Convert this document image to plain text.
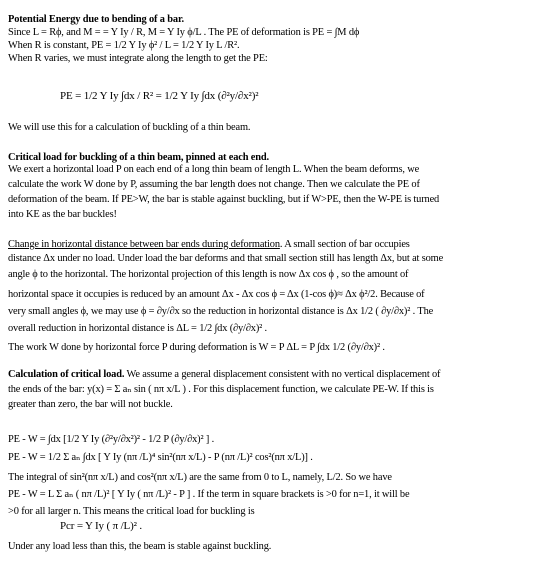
Potential Energy due to bending of a bar.
Since L = Rϕ, and M = = Y Iy / R, M = Y Iy ϕ/L . The PE of deformation is PE = ∫M dϕ
When R is constant, PE = 1/2 Y Iy ϕ² / L = 1/2 Y Iy L /R².
When R varies, we must integrate along the length to get the PE:
PE = 1/2 Y Iy ∫dx / R² = 1/2 Y Iy ∫dx (∂²y/∂x²)²
We will use this for a calculation of buckling of a thin beam.
Critical load for buckling of a thin beam, pinned at each end.
We exert a horizontal load P on each end of a long thin beam of length L. When the beam deforms, we
calculate the work W done by P, assuming the bar length does not change. Then we calculate the PE of
deformation of the beam. If PE>W, the bar is stable against buckling, but if W>PE, then the W-PE is turned
into KE as the bar buckles!
Change in horizontal distance between bar ends during deformation. A small section of bar occupies
distance Δx under no load. Under load the bar deforms and that small section still has length Δx, but at some
angle ϕ to the horizontal. The horizontal projection of this length is now Δx cos ϕ , so the amount of
horizontal space it occupies is reduced by an amount Δx - Δx cos ϕ = Δx (1-cos ϕ)≈ Δx ϕ²/2. Because of
very small angles ϕ, we may use ϕ = ∂y/∂x so the reduction in horizontal distance is Δx 1/2 ( ∂y/∂x)² . The
overall reduction in horizontal distance is ΔL = 1/2 ∫dx (∂y/∂x)² .
The work W done by horizontal force P during deformation is W = P ΔL = P ∫dx 1/2 (∂y/∂x)² .
Calculation of critical load. We assume a general displacement consistent with no vertical displacement of
the ends of the bar: y(x) = Σ aₙ sin ( nπ x/L ) . For this displacement function, we calculate PE-W. If this is
greater than zero, the bar will not buckle.
PE - W = ∫dx [1/2 Y Iy (∂²y/∂x²)² - 1/2 P (∂y/∂x)² ] .
PE - W = 1/2 Σ aₙ ∫dx [ Y Iy (nπ /L)⁴ sin²(nπ x/L) - P (nπ /L)² cos²(nπ x/L)] .
The integral of sin²(nπ x/L) and cos²(nπ x/L) are the same from 0 to L, namely, L/2. So we have
PE - W = L Σ aₙ ( nπ /L)² [ Y Iy ( nπ /L)² - P ] . If the term in square brackets is >0 for n=1, it will be
>0 for all larger n. This means the critical load for buckling is
Pcr = Y Iy ( π /L)² .
Under any load less than this, the beam is stable against buckling.
